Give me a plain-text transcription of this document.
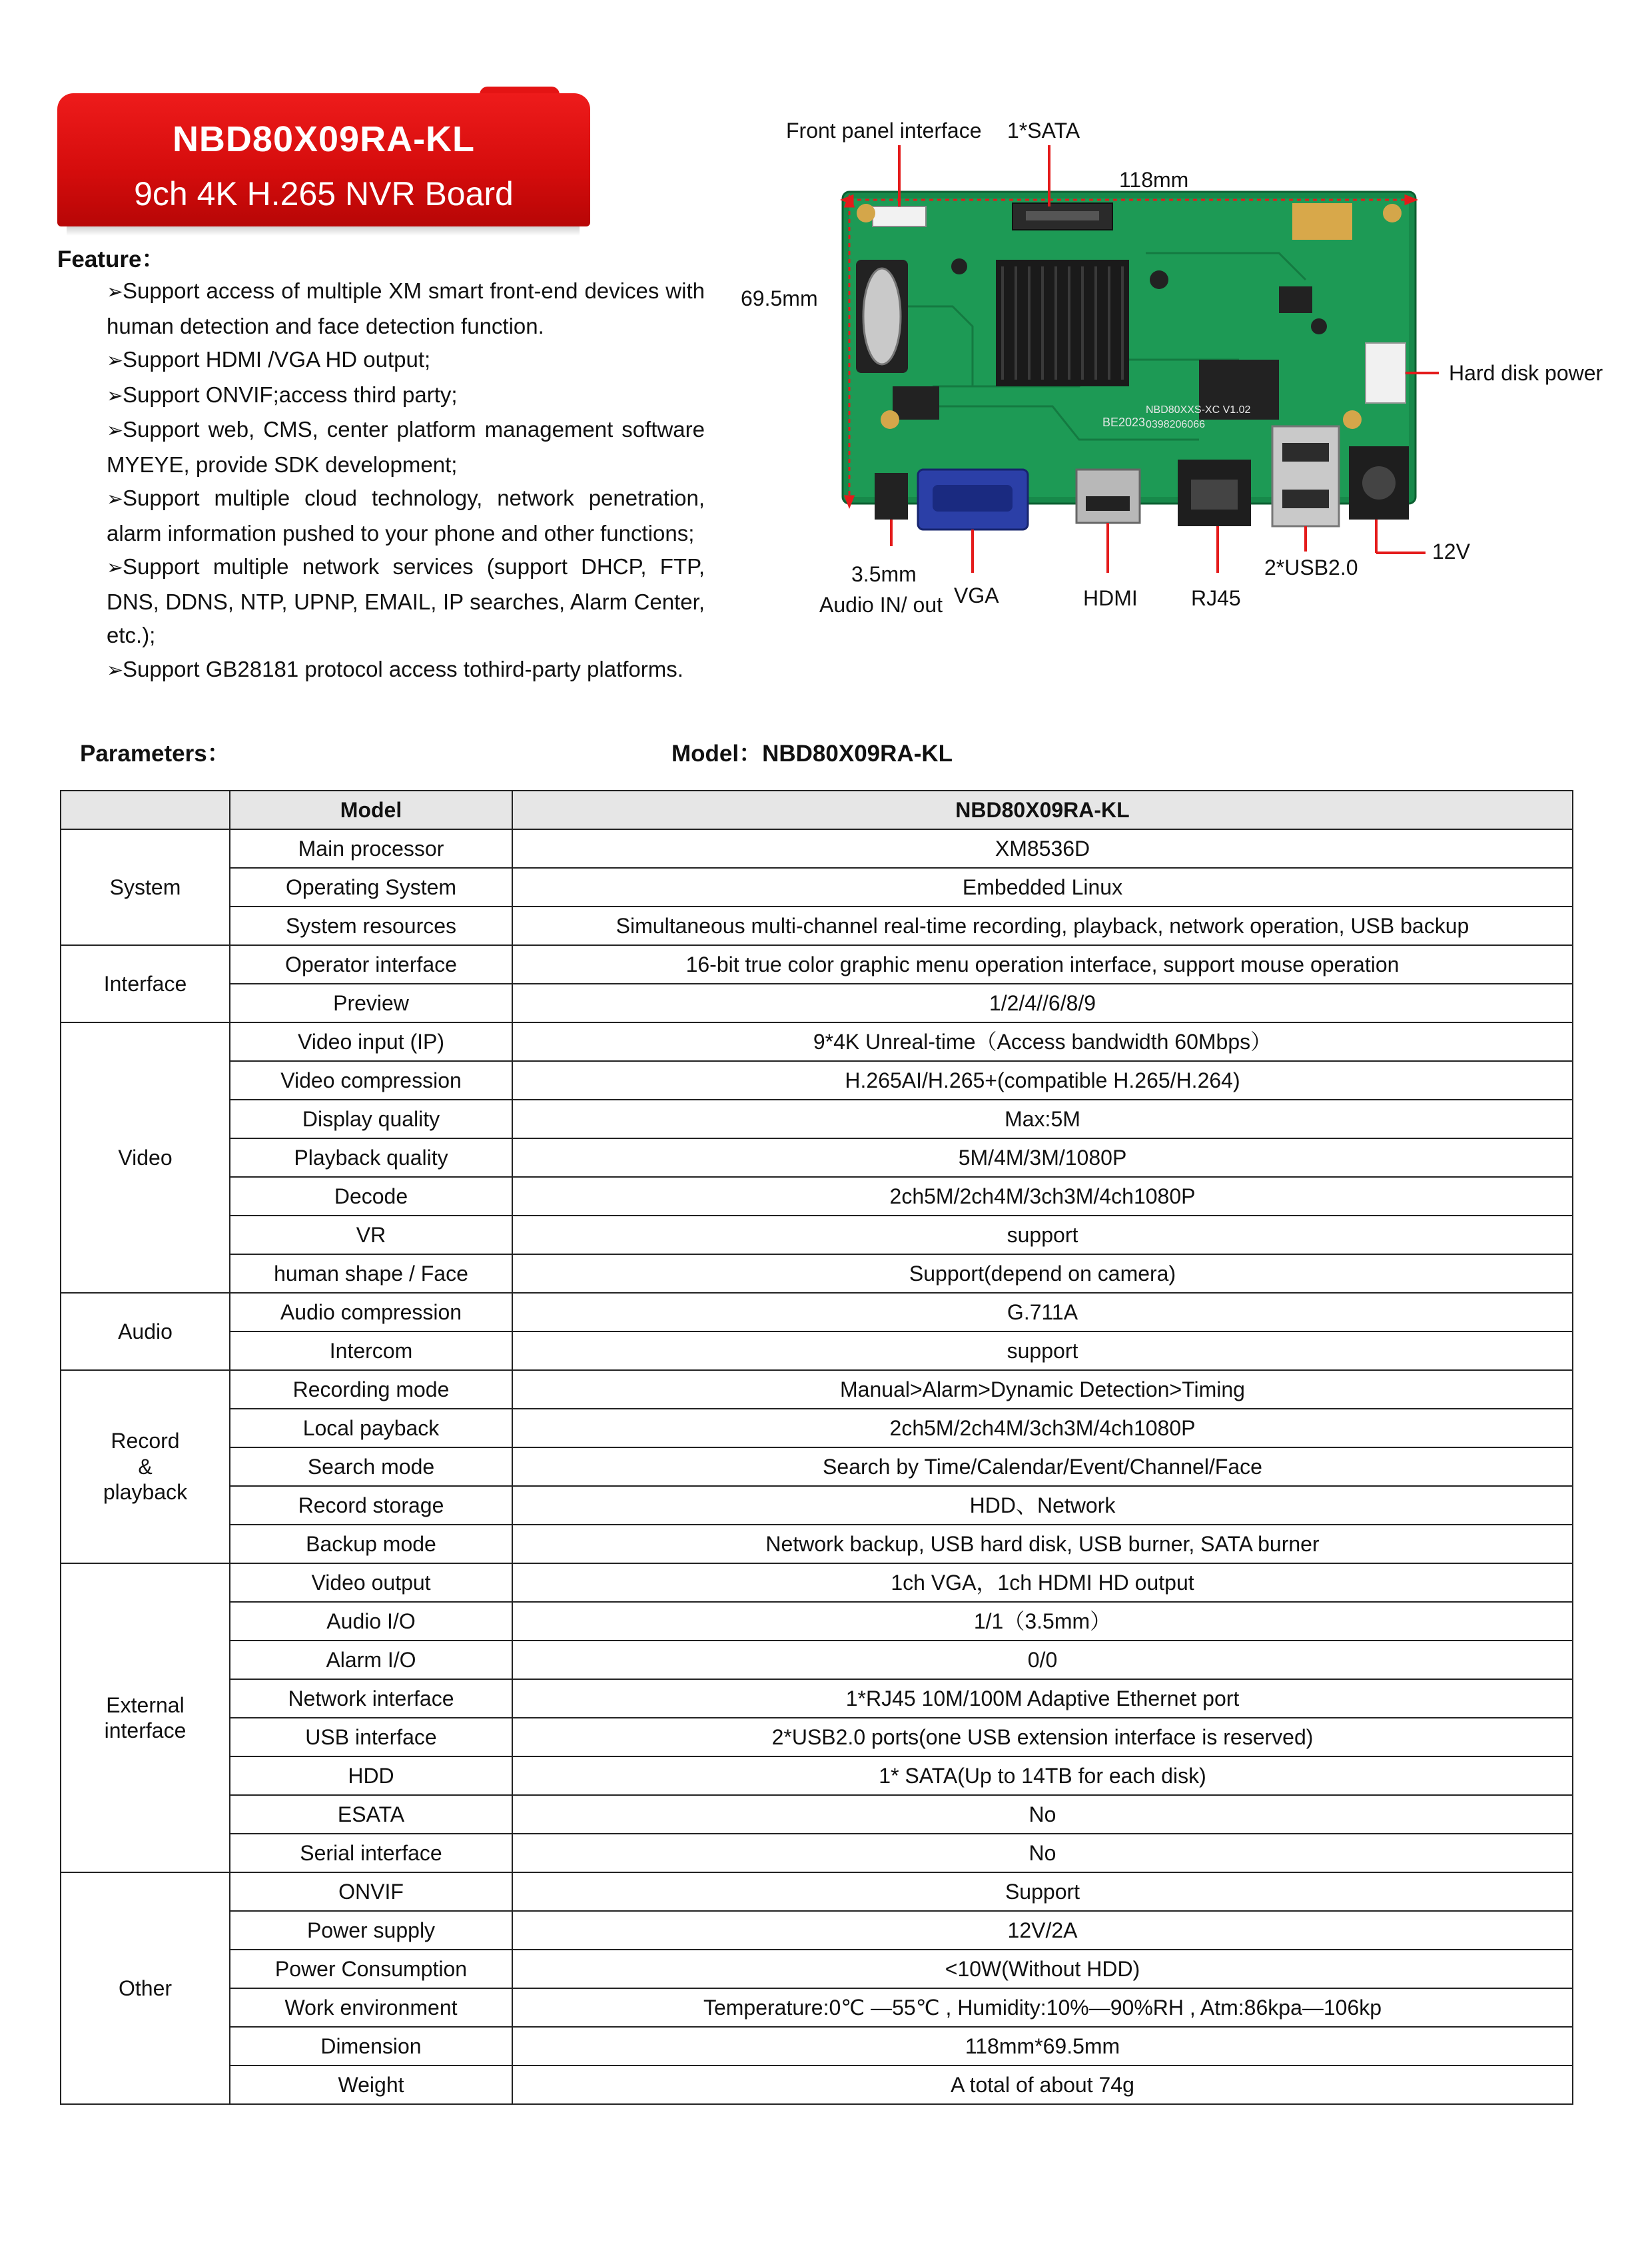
NBD80X09RA-KL
9ch 4K H.265 NVR Board
Feature：
➢Support access of multiple XM smart front-end devices with human detection and face detection function.
➢Support HDMI /VGA HD output;
➢Support ONVIF;access third party;
➢Support web, CMS, center platform management software MYEYE, provide SDK development;
➢Support multiple cloud technology, network penetration, alarm information pushed to your phone and other functions;
➢Support multiple network services (support DHCP, FTP, DNS, DDNS, NTP, UPNP, EMAIL, IP searches, Alarm Center, etc.);
➢Support GB28181 protocol access tothird-party platforms.
NBD80XXS-XC V1.02
0398206066
BE2023
Front panel interface 1*SATA
118mm
69.5mm
Hard disk power
12V
2*USB2.0
RJ45
HDMI
VGA
3.5mm
Audio IN/ out
Parameters：	Model：NBD80X09RA-KL
	Model	NBD80X09RA-KL
System	Main processor	XM8536D
	Operating System	Embedded Linux
	System resources	Simultaneous multi-channel real-time recording, playback, network operation, USB backup
Interface	Operator interface	16-bit true color graphic menu operation interface, support mouse operation
	Preview	1/2/4//6/8/9
Video	Video input (IP)	9*4K Unreal-time（Access bandwidth 60Mbps）
	Video compression	H.265AI/H.265+(compatible H.265/H.264)
	Display quality	Max:5M
	Playback quality	5M/4M/3M/1080P
	Decode	2ch5M/2ch4M/3ch3M/4ch1080P
	VR	support
	human shape / Face	Support(depend on camera)
Audio	Audio compression	G.711A
	Intercom	support

Record
&
playback	Recording mode	Manual>Alarm>Dynamic Detection>Timing
	Local payback	2ch5M/2ch4M/3ch3M/4ch1080P
	Search mode	Search by Time/Calendar/Event/Channel/Face
	Record storage	HDD、Network
	Backup mode	Network backup, USB hard disk, USB burner, SATA burner

External
interface	Video output	1ch VGA，1ch HDMI HD output
	Audio I/O	1/1（3.5mm）
	Alarm I/O	0/0
	Network interface	1*RJ45 10M/100M Adaptive Ethernet port
	USB interface	2*USB2.0 ports(one USB extension interface is reserved)
	HDD	1* SATA(Up to 14TB for each disk)
	ESATA	No
	Serial interface	No
Other	ONVIF	Support
	Power supply	12V/2A
	Power Consumption	<10W(Without HDD)
	Work environment	Temperature:0℃ —55℃ , Humidity:10%—90%RH , Atm:86kpa—106kp
	Dimension	118mm*69.5mm
	Weight	A total of about 74g
